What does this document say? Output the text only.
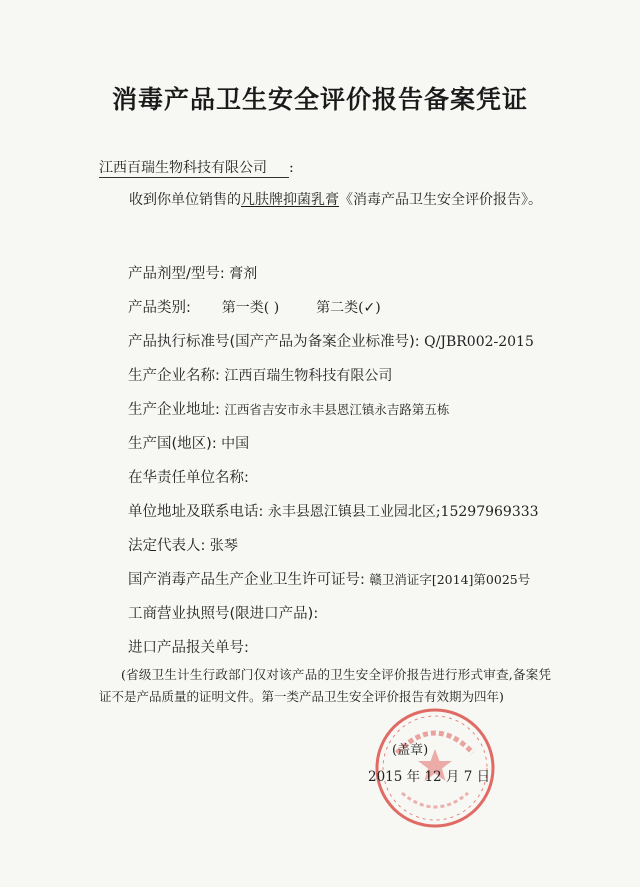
消毒产品卫生安全评价报告备案凭证
江西百瑞生物科技有限公司 :
收到你单位销售的凡肤牌抑菌乳膏《消毒产品卫生安全评价报告》。
产品剂型/型号: 膏剂
产品类别: 第一类( )	第二类(✓)
产品执行标准号(国产产品为备案企业标准号): Q/JBR002-2015
生产企业名称: 江西百瑞生物科技有限公司
生产企业地址: 江西省吉安市永丰县恩江镇永吉路第五栋
生产国(地区): 中国
在华责任单位名称:
单位地址及联系电话: 永丰县恩江镇县工业园北区;15297969333
法定代表人: 张琴
国产消毒产品生产企业卫生许可证号: 赣卫消证字[2014]第0025号
工商营业执照号(限进口产品):
进口产品报关单号:
(省级卫生计生行政部门仅对该产品的卫生安全评价报告进行形式审查,备案凭证不是产品质量的证明文件。第一类产品卫生安全评价报告有效期为四年)
(盖章)
2015 年 12 月 7 日
